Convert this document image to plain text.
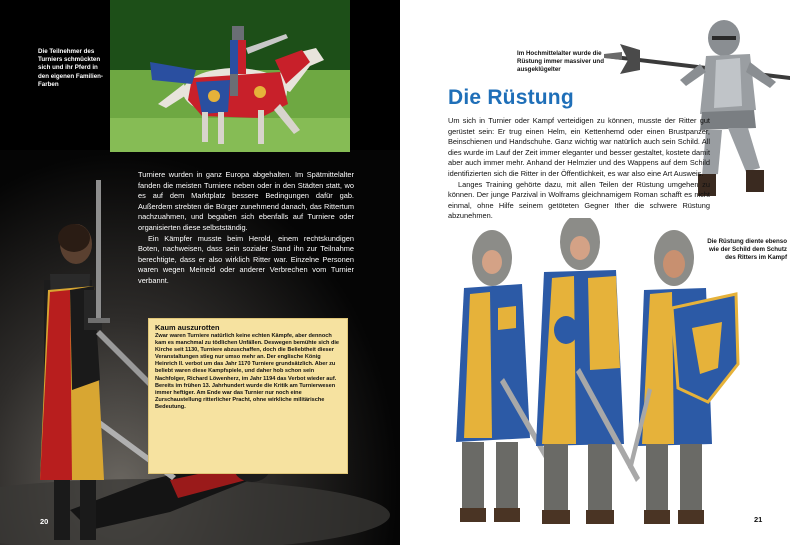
Die Teilnehmer des Turniers schmückten sich und ihr Pferd in den eigenen Familien-Farben

Turniere wurden in ganz Europa abgehalten. Im Spätmittelalter fanden die meisten Turniere neben oder in den Städten statt, wo es auf dem Marktplatz bessere Bedingungen dafür gab. Außerdem strebten die Bürger zunehmend danach, das Rittertum nachzuahmen, und begaben sich ebenfalls auf Turniere oder organisierten diese selbstständig.

Ein Kämpfer musste beim Herold, einem rechtskundigen Boten, nachweisen, dass sein sozialer Stand ihn zur Teilnahme berechtigte, dass er also wirklich Ritter war. Einzelne Personen waren wegen Meineid oder anderer Verbrechen vom Turnier verbannt.

Kaum auszurotten

Zwar waren Turniere natürlich keine echten Kämpfe, aber dennoch kam es manchmal zu tödlichen Unfällen. Deswegen bemühte sich die Kirche seit 1130, Turniere abzuschaffen, doch die Beliebtheit dieser Veranstaltungen stieg nur umso mehr an. Der englische König Heinrich II. verbot um das Jahr 1170 Turniere grundsätzlich. Aber zu beliebt waren diese Kampfspiele, und daher hob schon sein Nachfolger, Richard Löwenherz, im Jahr 1194 das Verbot wieder auf.

Bereits im frühen 13. Jahrhundert wurde die Kritik am Turnierwesen immer heftiger. Am Ende war das Turnier nur noch eine Zurschaustellung ritterlicher Pracht, ohne wirkliche militärische Bedeutung.

20
Im Hochmittelalter wurde die Rüstung immer massiver und ausgeklügelter
Die Rüstung

Um sich in Turnier oder Kampf verteidigen zu können, musste der Ritter gut gerüstet sein: Er trug einen Helm, ein Kettenhemd oder einen Brustpanzer, Beinschienen und Handschuhe. Ganz wichtig war natürlich auch sein Schild. All dies wurde im Lauf der Zeit immer eleganter und besser gestaltet, kostete damit aber auch immer mehr. Anhand der Helmzier und des Wappens auf dem Schild identifizierten sich die Ritter in der Öffentlichkeit, es war also eine Art Ausweis.

Langes Training gehörte dazu, mit allen Teilen der Rüstung umgehen zu können. Der junge Parzival in Wolframs gleichnamigem Roman schafft es nicht einmal, ohne Hilfe seinem getöteten Gegner Ither die schwere Rüstung abzunehmen.

Die Rüstung diente ebenso wie der Schild dem Schutz des Ritters im Kampf
21
